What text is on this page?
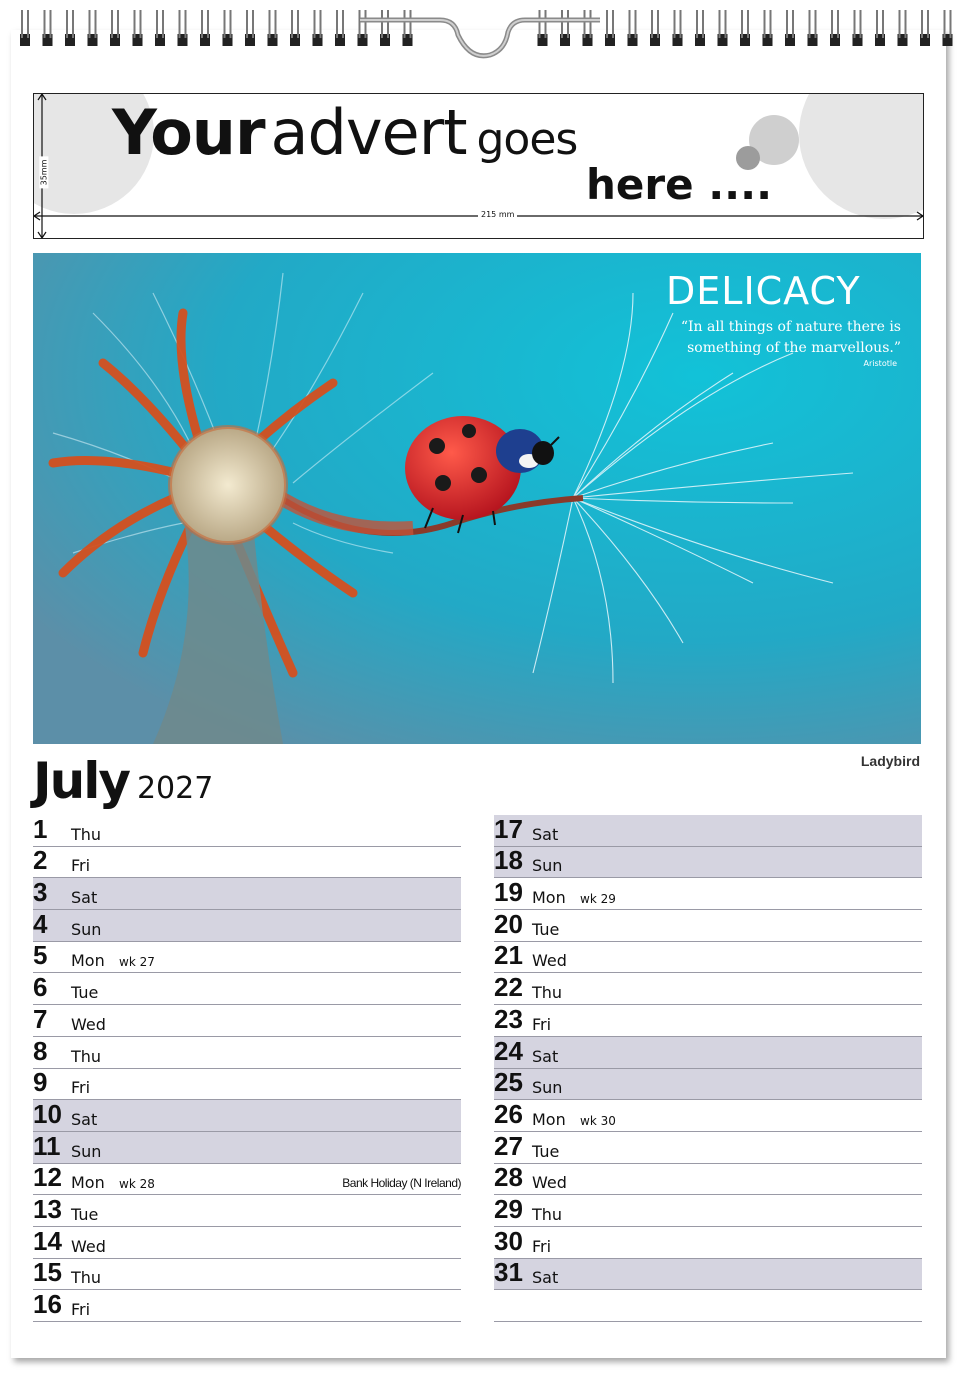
Youradvert goes
here ....
35mm
215 mm
DELICACY
“In all things of nature there is something of the marvellous.”
Aristotle
Ladybird
July 2027
1 Thu
2 Fri
3 Sat
4 Sun
5 Mon wk 27
6 Tue
7 Wed
8 Thu
9 Fri
10 Sat
11 Sun
12 Mon wk 28	Bank Holiday (N Ireland)
13 Tue
14 Wed
15 Thu
16 Fri
17 Sat
18 Sun
19 Mon wk 29
20 Tue
21 Wed
22 Thu
23 Fri
24 Sat
25 Sun
26 Mon wk 30
27 Tue
28 Wed
29 Thu
30 Fri
31 Sat
